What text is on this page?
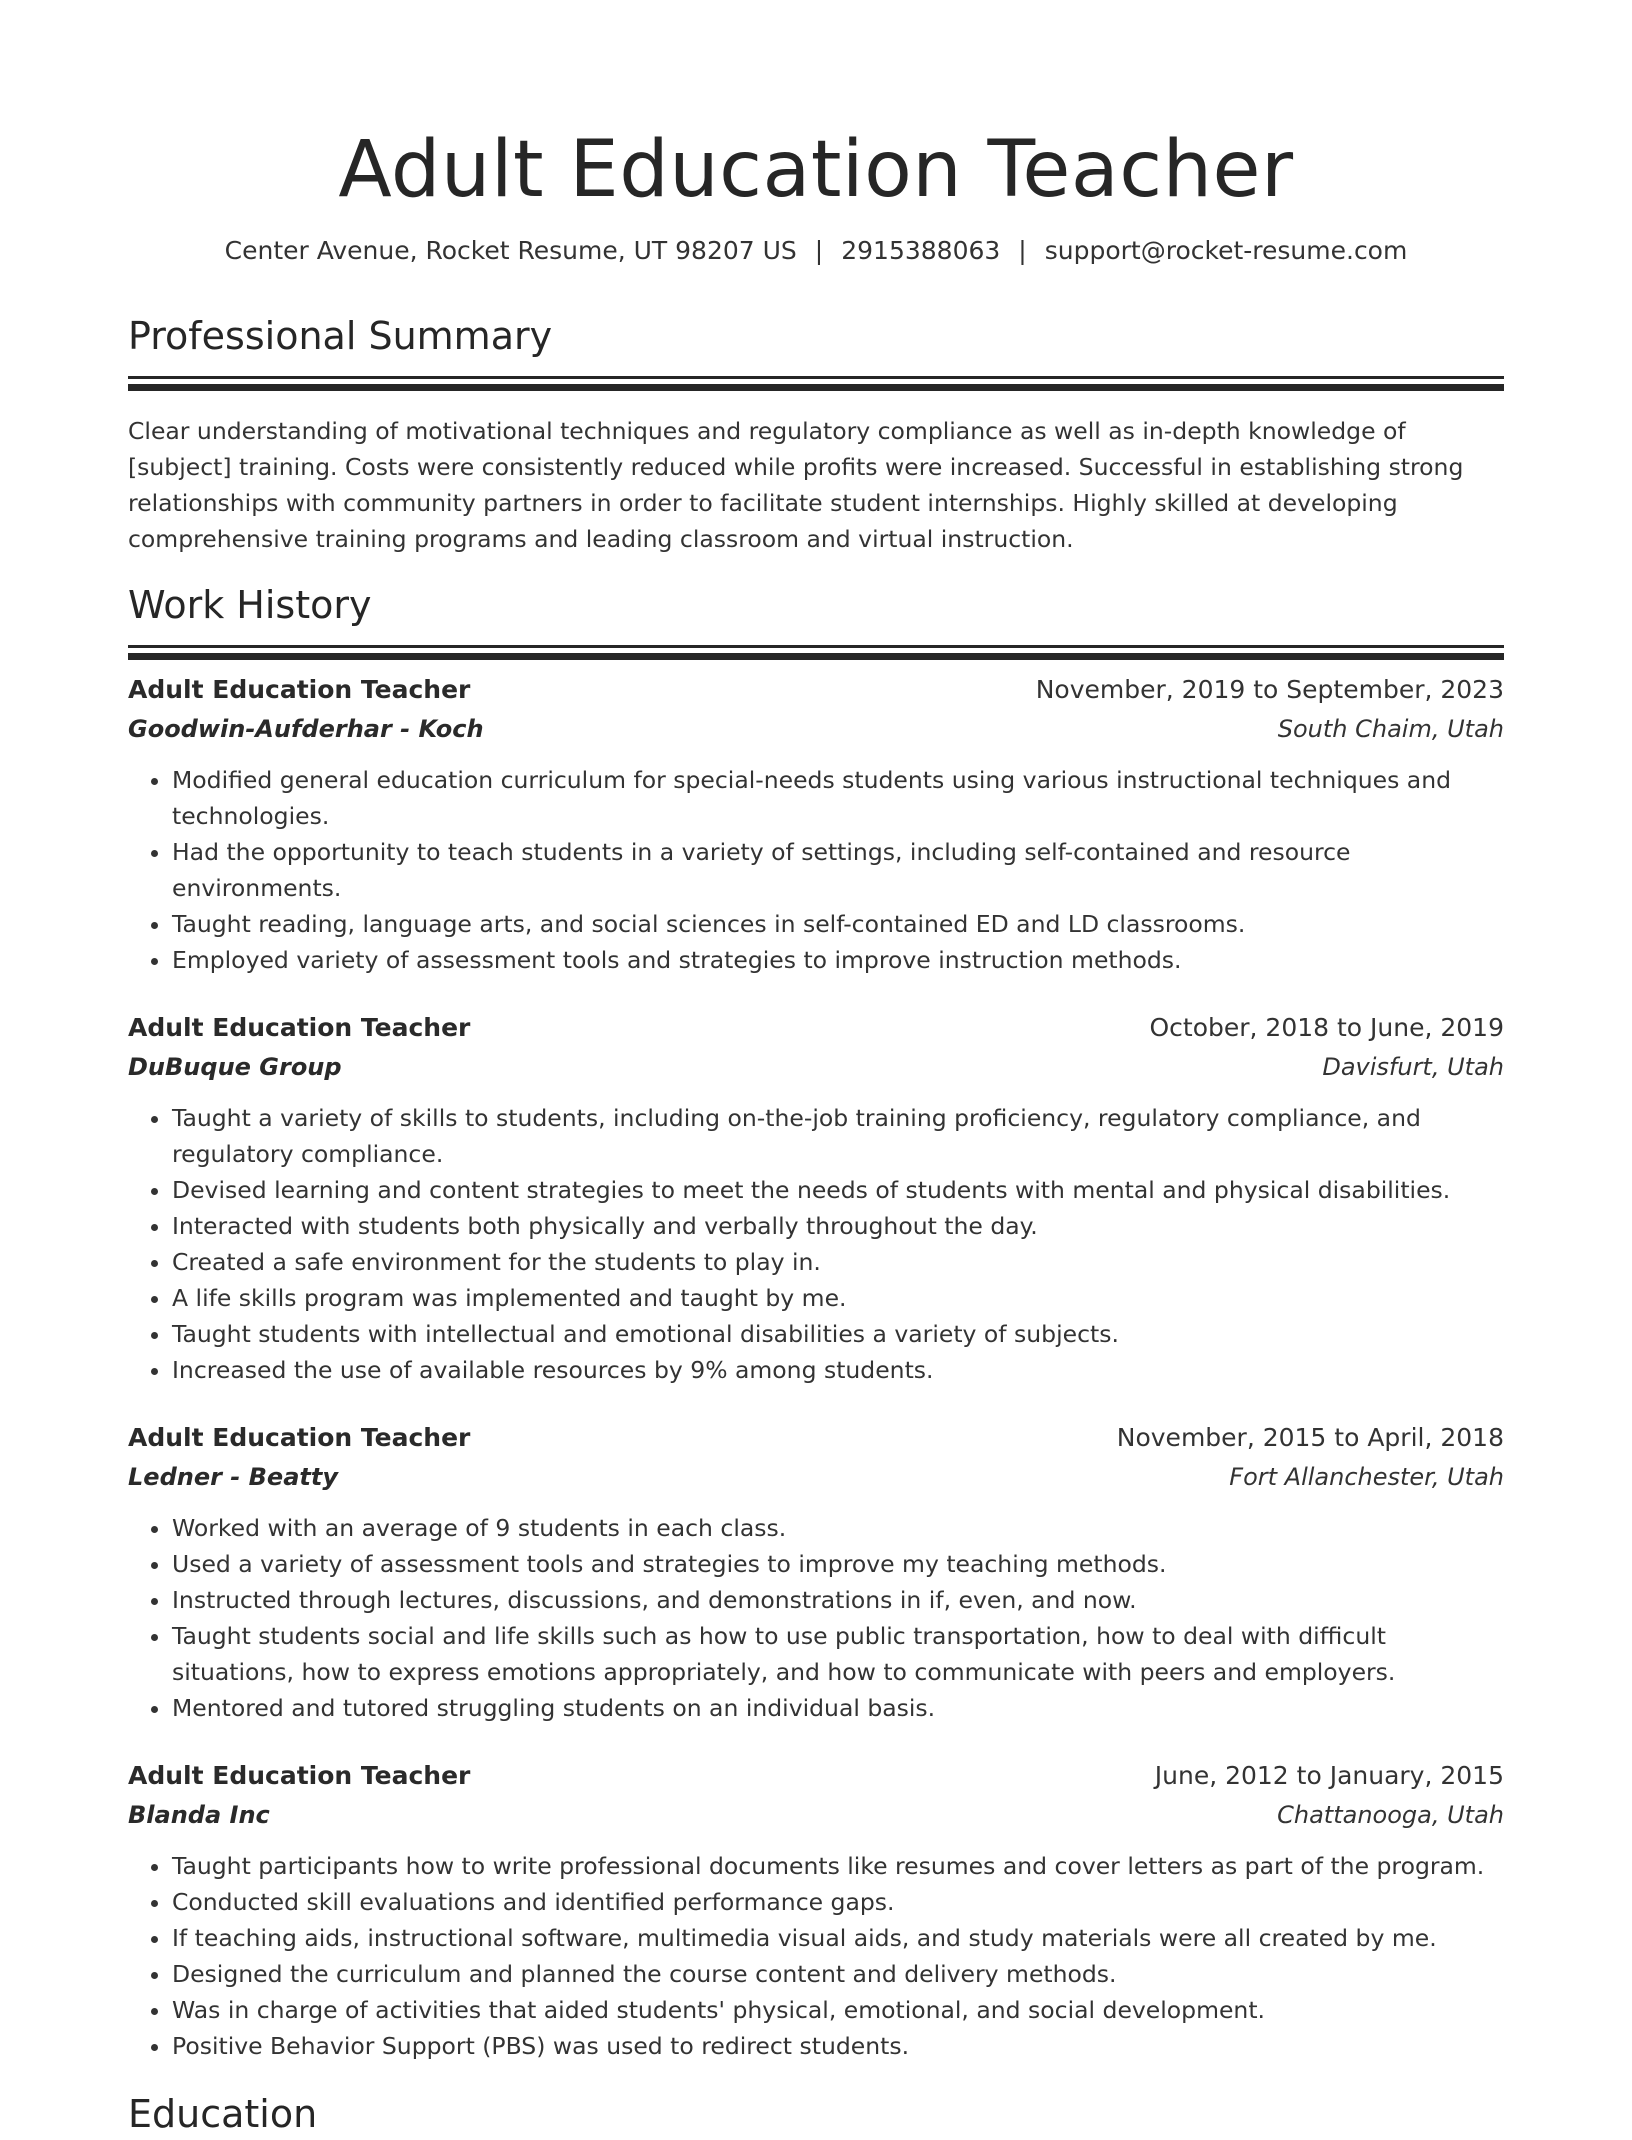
Adult Education Teacher
Center Avenue, Rocket Resume, UT 98207 US | 2915388063 | support@rocket-resume.com
Professional Summary
Clear understanding of motivational techniques and regulatory compliance as well as in-depth knowledge of [subject] training. Costs were consistently reduced while profits were increased. Successful in establishing strong relationships with community partners in order to facilitate student internships. Highly skilled at developing comprehensive training programs and leading classroom and virtual instruction.
Work History
Adult Education Teacher	November, 2019 to September, 2023
Goodwin-Aufderhar - Koch	South Chaim, Utah
• Modified general education curriculum for special-needs students using various instructional techniques and technologies.
• Had the opportunity to teach students in a variety of settings, including self-contained and resource environments.
• Taught reading, language arts, and social sciences in self-contained ED and LD classrooms.
• Employed variety of assessment tools and strategies to improve instruction methods.
Adult Education Teacher	October, 2018 to June, 2019
DuBuque Group	Davisfurt, Utah
• Taught a variety of skills to students, including on-the-job training proficiency, regulatory compliance, and regulatory compliance.
• Devised learning and content strategies to meet the needs of students with mental and physical disabilities.
• Interacted with students both physically and verbally throughout the day.
• Created a safe environment for the students to play in.
• A life skills program was implemented and taught by me.
• Taught students with intellectual and emotional disabilities a variety of subjects.
• Increased the use of available resources by 9% among students.
Adult Education Teacher	November, 2015 to April, 2018
Ledner - Beatty	Fort Allanchester, Utah
• Worked with an average of 9 students in each class.
• Used a variety of assessment tools and strategies to improve my teaching methods.
• Instructed through lectures, discussions, and demonstrations in if, even, and now.
• Taught students social and life skills such as how to use public transportation, how to deal with difficult situations, how to express emotions appropriately, and how to communicate with peers and employers.
• Mentored and tutored struggling students on an individual basis.
Adult Education Teacher	June, 2012 to January, 2015
Blanda Inc	Chattanooga, Utah
• Taught participants how to write professional documents like resumes and cover letters as part of the program.
• Conducted skill evaluations and identified performance gaps.
• If teaching aids, instructional software, multimedia visual aids, and study materials were all created by me.
• Designed the curriculum and planned the course content and delivery methods.
• Was in charge of activities that aided students' physical, emotional, and social development.
• Positive Behavior Support (PBS) was used to redirect students.
Education
